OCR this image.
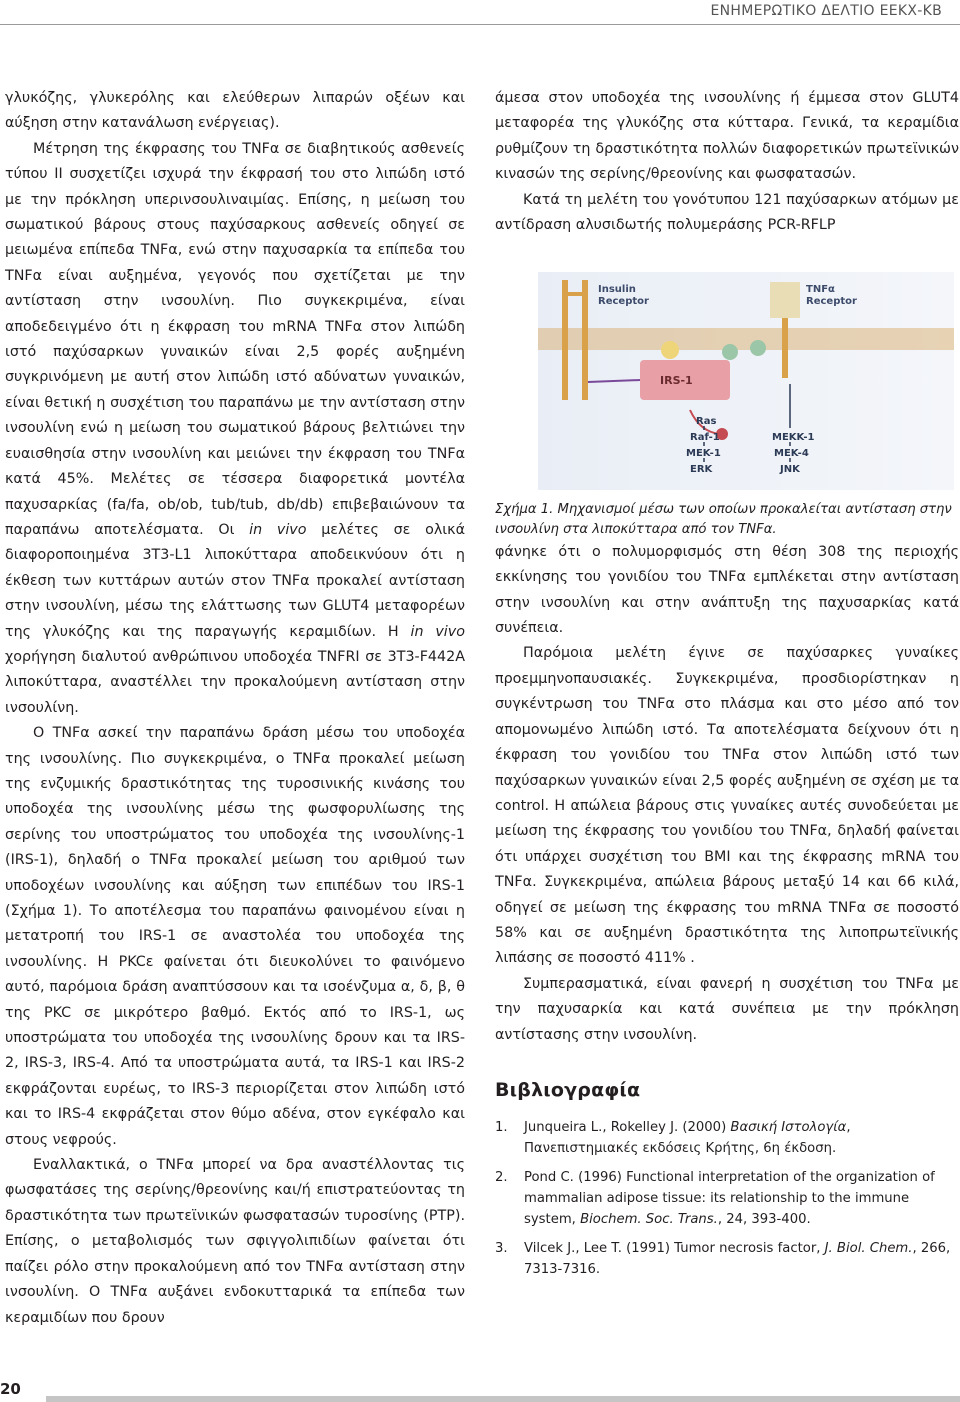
ΕΝΗΜΕΡΩΤΙΚΟ ΔΕΛΤΙΟ ΕΕΚΧ-ΚΒ

γλυκόζης, γλυκερόλης και ελεύθερων λιπαρών οξέων και αύξηση στην κατανάλωση ενέργειας).

Μέτρηση της έκφρασης του TNFα σε διαβητικούς ασθενείς τύπου ΙΙ συσχετίζει ισχυρά την έκφρασή του στο λιπώδη ιστό με την πρόκληση υπερινσουλιναιμίας. Επίσης, η μείωση του σωματικού βάρους στους παχύσαρκους ασθενείς οδηγεί σε μειωμένα επίπεδα TNFα, ενώ στην παχυσαρκία τα επίπεδα του TNFα είναι αυξημένα, γεγονός που σχετίζεται με την αντίσταση στην ινσουλίνη. Πιο συγκεκριμένα, είναι αποδεδειγμένο ότι η έκφραση του mRNA TNFα στον λιπώδη ιστό παχύσαρκων γυναικών είναι 2,5 φορές αυξημένη συγκρινόμενη με αυτή στον λιπώδη ιστό αδύνατων γυναικών, είναι θετική η συσχέτιση του παραπάνω με την αντίσταση στην ινσουλίνη ενώ η μείωση του σωματικού βάρους βελτιώνει την ευαισθησία στην ινσουλίνη και μειώνει την έκφραση του TNFα κατά 45%. Μελέτες σε τέσσερα διαφορετικά μοντέλα παχυσαρκίας (fa/fa, ob/ob, tub/tub, db/db) επιβεβαιώνουν τα παραπάνω αποτελέσματα. Οι in vivo μελέτες σε ολικά διαφοροποιημένα 3T3-L1 λιποκύτταρα αποδεικνύουν ότι η έκθεση των κυττάρων αυτών στον TNFα προκαλεί αντίσταση στην ινσουλίνη, μέσω της ελάττωσης των GLUT4 μεταφορέων της γλυκόζης και της παραγωγής κεραμιδίων. Η in vivo χορήγηση διαλυτού ανθρώπινου υποδοχέα TNFRI σε 3T3-F442A λιποκύτταρα, αναστέλλει την προκαλούμενη αντίσταση στην ινσουλίνη.

Ο TNFα ασκεί την παραπάνω δράση μέσω του υποδοχέα της ινσουλίνης. Πιο συγκεκριμένα, ο TNFα προκαλεί μείωση της ενζυμικής δραστικότητας της τυροσινικής κινάσης του υποδοχέα της ινσουλίνης μέσω της φωσφορυλίωσης της σερίνης του υποστρώματος του υποδοχέα της ινσουλίνης-1 (IRS-1), δηλαδή ο TNFα προκαλεί μείωση του αριθμού των υποδοχέων ινσουλίνης και αύξηση των επιπέδων του IRS-1 (Σχήμα 1). Το αποτέλεσμα του παραπάνω φαινομένου είναι η μετατροπή του IRS-1 σε αναστολέα του υποδοχέα της ινσουλίνης. Η PKCε φαίνεται ότι διευκολύνει το φαινόμενο αυτό, παρόμοια δράση αναπτύσσουν και τα ισοένζυμα α, δ, β, θ της PKC σε μικρότερο βαθμό. Εκτός από το IRS-1, ως υποστρώματα του υποδοχέα της ινσουλίνης δρουν και τα IRS-2, IRS-3, IRS-4. Από τα υποστρώματα αυτά, τα IRS-1 και IRS-2 εκφράζονται ευρέως, το IRS-3 περιορίζεται στον λιπώδη ιστό και το IRS-4 εκφράζεται στον θύμο αδένα, στον εγκέφαλο και στους νεφρούς.

Εναλλακτικά, ο TNFα μπορεί να δρα αναστέλλοντας τις φωσφατάσες της σερίνης/θρεονίνης και/ή επιστρατεύοντας τη δραστικότητα των πρωτεϊνικών φωσφατασών τυροσίνης (PTP). Επίσης, ο μεταβολισμός των σφιγγολιπιδίων φαίνεται ότι παίζει ρόλο στην προκαλούμενη από τον TNFα αντίσταση στην ινσουλίνη. Ο TNFα αυξάνει ενδοκυτταρικά τα επίπεδα των κεραμιδίων που δρουν

άμεσα στον υποδοχέα της ινσουλίνης ή έμμεσα στον GLUT4 μεταφορέα της γλυκόζης στα κύτταρα. Γενικά, τα κεραμίδια ρυθμίζουν τη δραστικότητα πολλών διαφορετικών πρωτεϊνικών κινασών της σερίνης/θρεονίνης και φωσφατασών.

Κατά τη μελέτη του γονότυπου 121 παχύσαρκων ατόμων με αντίδραση αλυσιδωτής πολυμεράσης PCR-RFLP

Insulin
Receptor
TNFα
Receptor
IRS-1
Ras
Raf-1
MEK-1
ERK
MEKK-1
MEK-4
JNK

Σχήμα 1. Μηχανισμοί μέσω των οποίων προκαλείται αντίσταση στην ινσουλίνη στα λιποκύτταρα από τον TNFα.

φάνηκε ότι ο πολυμορφισμός στη θέση 308 της περιοχής εκκίνησης του γονιδίου του TNFα εμπλέκεται στην αντίσταση στην ινσουλίνη και στην ανάπτυξη της παχυσαρκίας κατά συνέπεια.

Παρόμοια μελέτη έγινε σε παχύσαρκες γυναίκες προεμμηνοπαυσιακές. Συγκεκριμένα, προσδιορίστηκαν η συγκέντρωση του TNFα στο πλάσμα και στο μέσο από τον απομονωμένο λιπώδη ιστό. Τα αποτελέσματα δείχνουν ότι η έκφραση του γονιδίου του TNFα στον λιπώδη ιστό των παχύσαρκων γυναικών είναι 2,5 φορές αυξημένη σε σχέση με τα control. Η απώλεια βάρους στις γυναίκες αυτές συνοδεύεται με μείωση της έκφρασης του γονιδίου του TNFα, δηλαδή φαίνεται ότι υπάρχει συσχέτιση του BMI και της έκφρασης mRNA του TNFα. Συγκεκριμένα, απώλεια βάρους μεταξύ 14 και 66 κιλά, οδηγεί σε μείωση της έκφρασης του mRNA TNFα σε ποσοστό 58% και σε αυξημένη δραστικότητα της λιποπρωτεϊνικής λιπάσης σε ποσοστό 411% .

Συμπερασματικά, είναι φανερή η συσχέτιση του TNFα με την παχυσαρκία και κατά συνέπεια με την πρόκληση αντίστασης στην ινσουλίνη.

Βιβλιογραφία
1. Junqueira L., Rokelley J. (2000) Βασική Ιστολογία, Πανεπιστημιακές εκδόσεις Κρήτης, 6η έκδοση.
2. Pond C. (1996) Functional interpretation of the organization of mammalian adipose tissue: its relationship to the immune system, Biochem. Soc. Trans., 24, 393-400.
3. Vilcek J., Lee T. (1991) Tumor necrosis factor, J. Biol. Chem., 266, 7313-7316.
20
